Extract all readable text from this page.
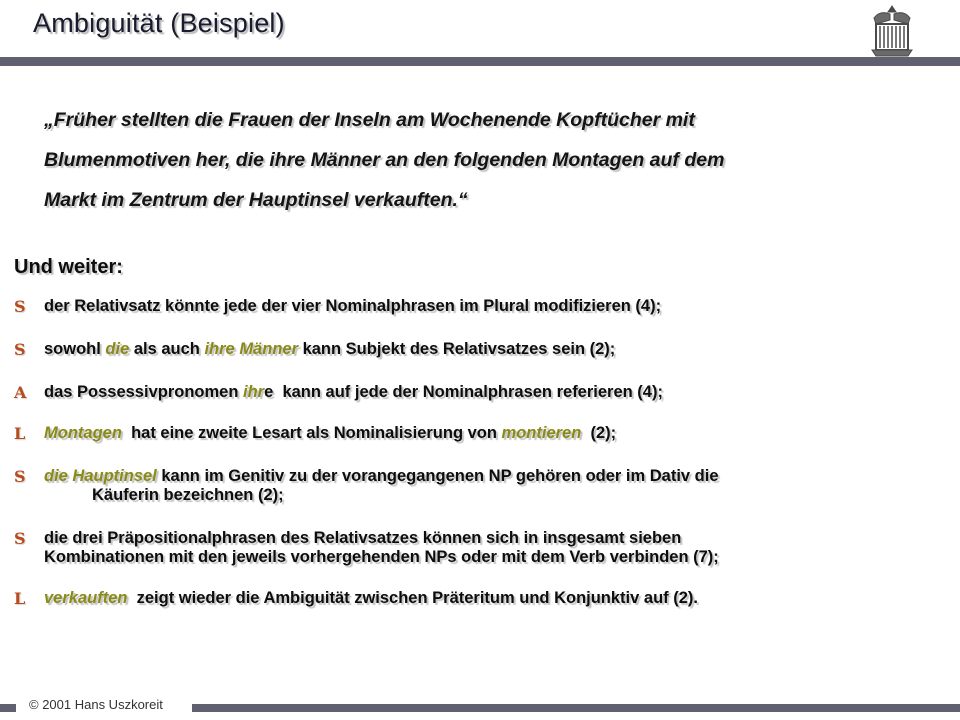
Ambiguität (Beispiel)
„Früher stellten die Frauen der Inseln am Wochenende Kopftücher mit
Blumenmotiven her, die ihre Männer an den folgenden Montagen auf dem
Markt im Zentrum der Hauptinsel verkauften.“
Und weiter:
S der Relativsatz könnte jede der vier Nominalphrasen im Plural modifizieren (4);
S sowohl die als auch ihre Männer kann Subjekt des Relativsatzes sein (2);
A das Possessivpronomen ihre  kann auf jede der Nominalphrasen referieren (4);
L Montagen  hat eine zweite Lesart als Nominalisierung von montieren  (2);
S die Hauptinsel kann im Genitiv zu der vorangegangenen NP gehören oder im Dativ die
Käuferin bezeichnen (2);
S die drei Präpositionalphrasen des Relativsatzes können sich in insgesamt sieben
Kombinationen mit den jeweils vorhergehenden NPs oder mit dem Verb verbinden (7);
L verkauften  zeigt wieder die Ambiguität zwischen Präteritum und Konjunktiv auf (2).
© 2001 Hans Uszkoreit
